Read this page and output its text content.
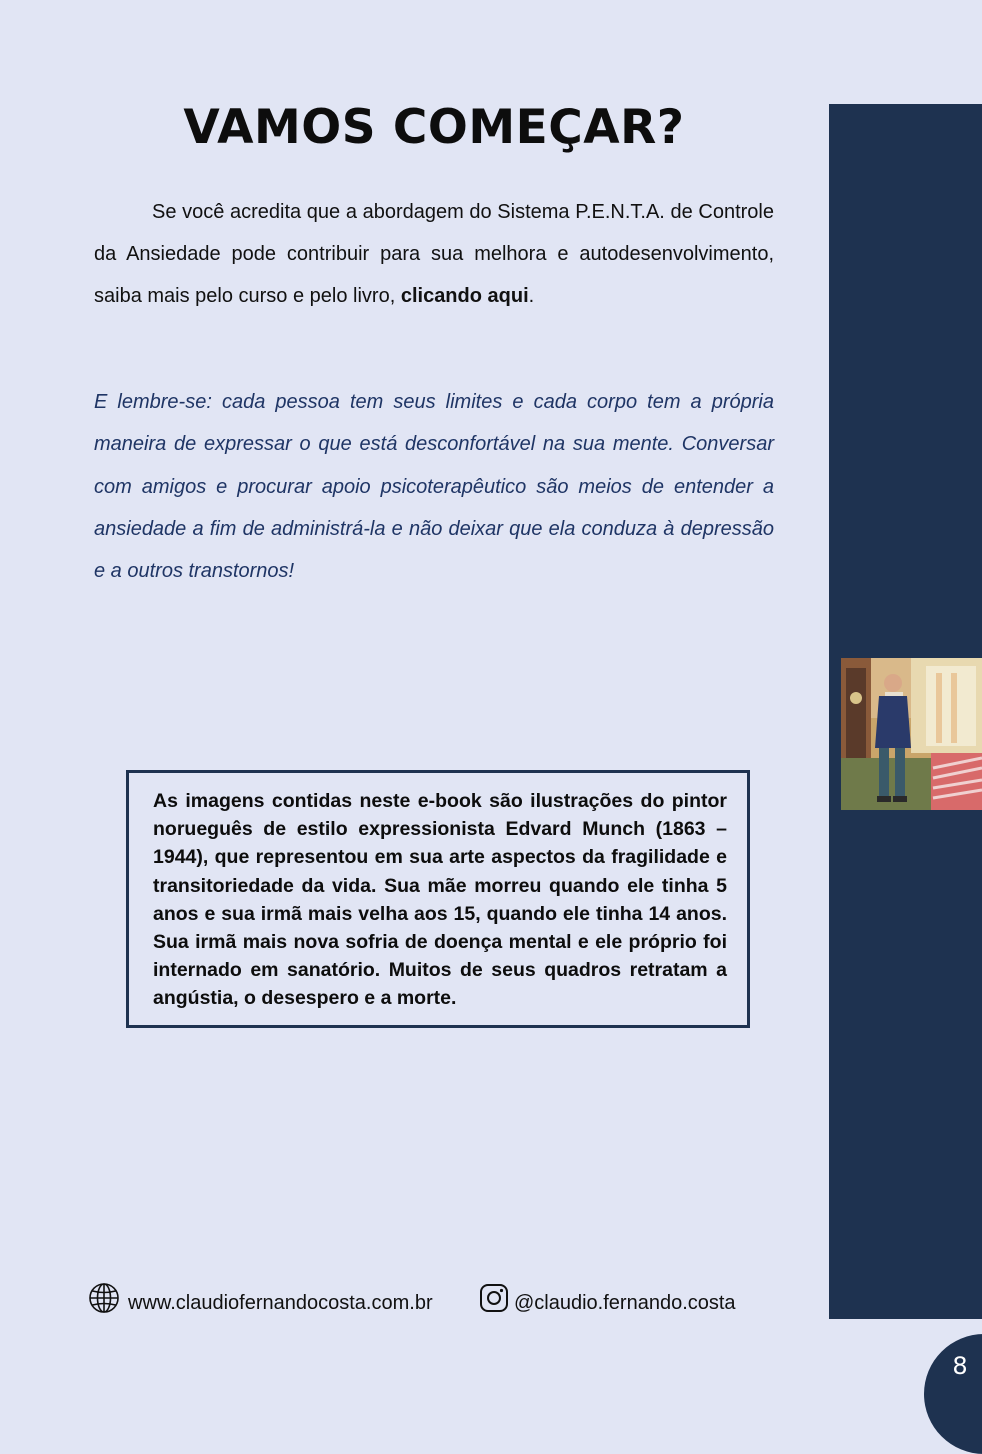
8
VAMOS COMEÇAR?

Se você acredita que a abordagem do Sistema P.E.N.T.A. de Controle da Ansiedade pode contribuir para sua melhora e autodesenvolvimento, saiba mais pelo curso e pelo livro, clicando aqui.

E lembre-se: cada pessoa tem seus limites e cada corpo tem a própria maneira de expressar o que está desconfortável na sua mente. Conversar com amigos e procurar apoio psicoterapêutico são meios de entender a ansiedade a fim de administrá-la e não deixar que ela conduza à depressão e a outros transtornos!

As imagens contidas neste e-book são ilustrações do pintor norueguês de estilo expressionista Edvard Munch (1863 – 1944), que representou em sua arte aspectos da fragilidade e transitoriedade da vida. Sua mãe morreu quando ele tinha 5 anos e sua irmã mais velha aos 15, quando ele tinha 14 anos. Sua irmã mais nova sofria de doença mental e ele próprio foi internado em sanatório. Muitos de seus quadros retratam a angústia, o desespero e a morte.

www.claudiofernandocosta.com.br	@claudio.fernando.costa
